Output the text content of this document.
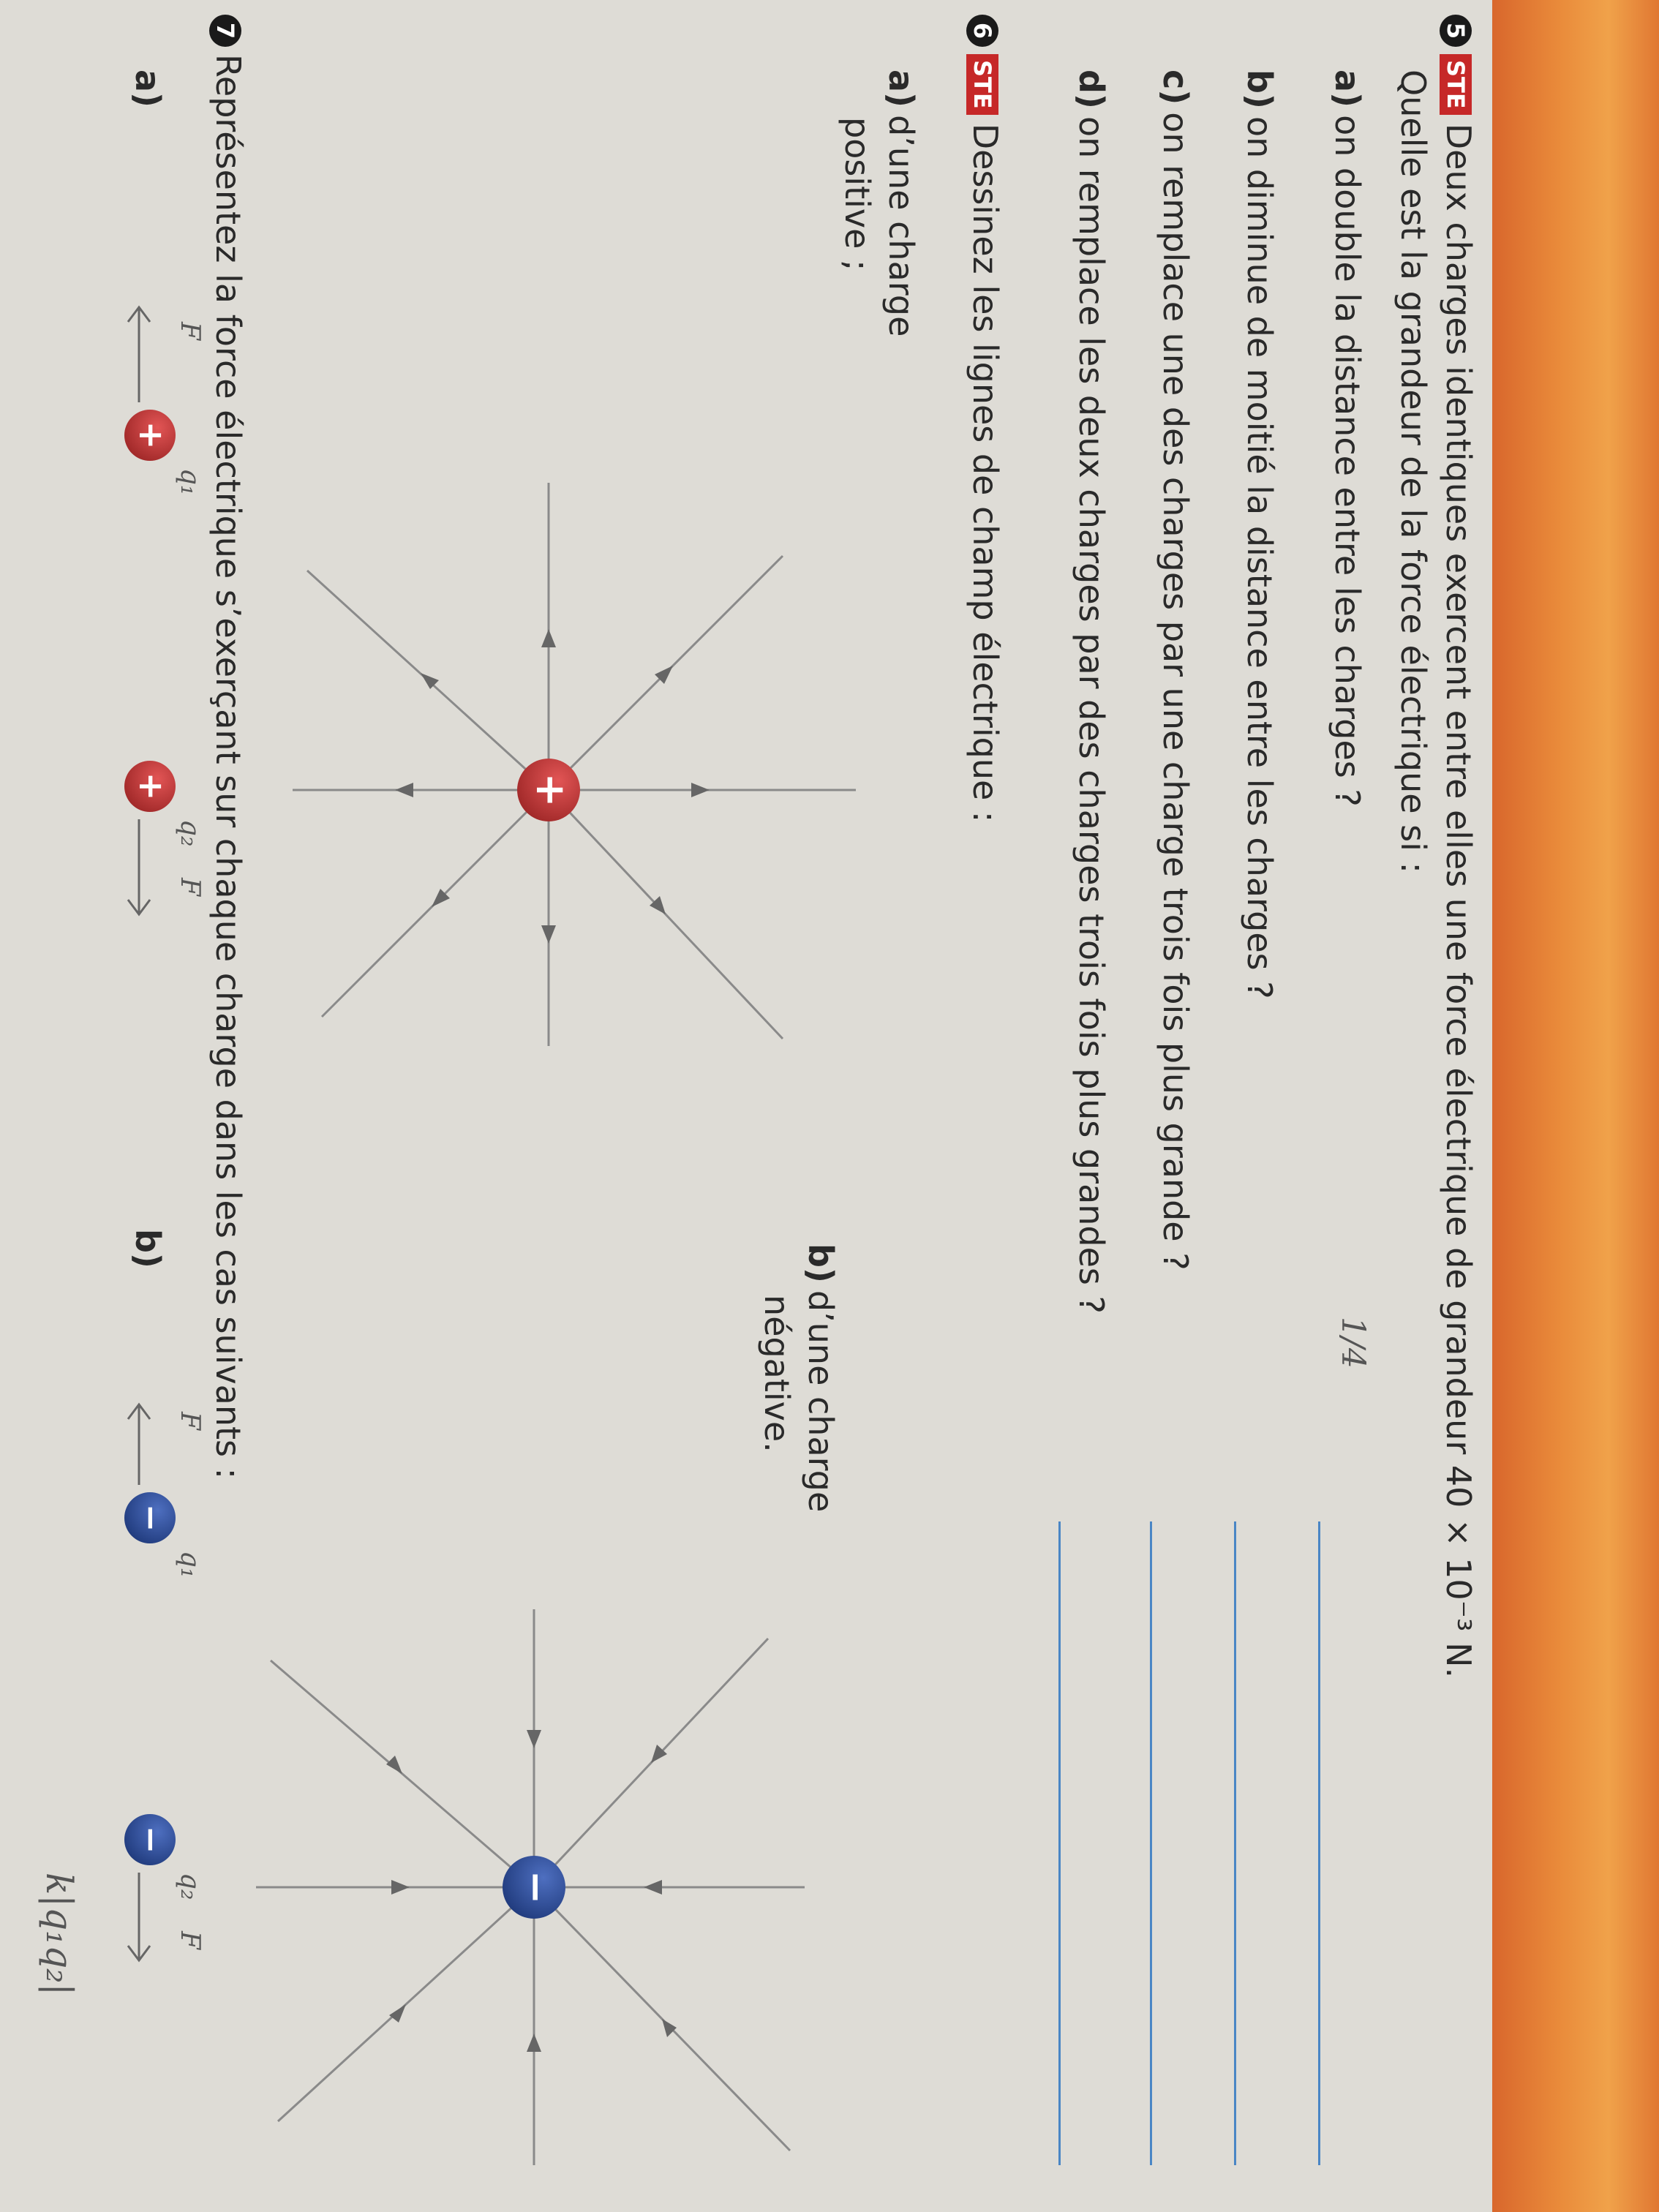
5STEDeux charges identiques exercent entre elles une force électrique de grandeur 40 × 10⁻³ N.
Quelle est la grandeur de la force électrique si :
a)on double la distance entre les charges ?
1/4
b)on diminue de moitié la distance entre les charges ?
c)on remplace une des charges par une charge trois fois plus grande ?
d)on remplace les deux charges par des charges trois fois plus grandes ?
6STEDessinez les lignes de champ électrique :
a)d’une charge
positive ;
b)d’une charge
négative.
+
−
7Représentez la force électrique s’exerçant sur chaque charge dans les cas suivants :
a)
+
+
q₁
q₂
F
F
b)
−
−
q₁
q₂
F
F
k|q₁q₂|
